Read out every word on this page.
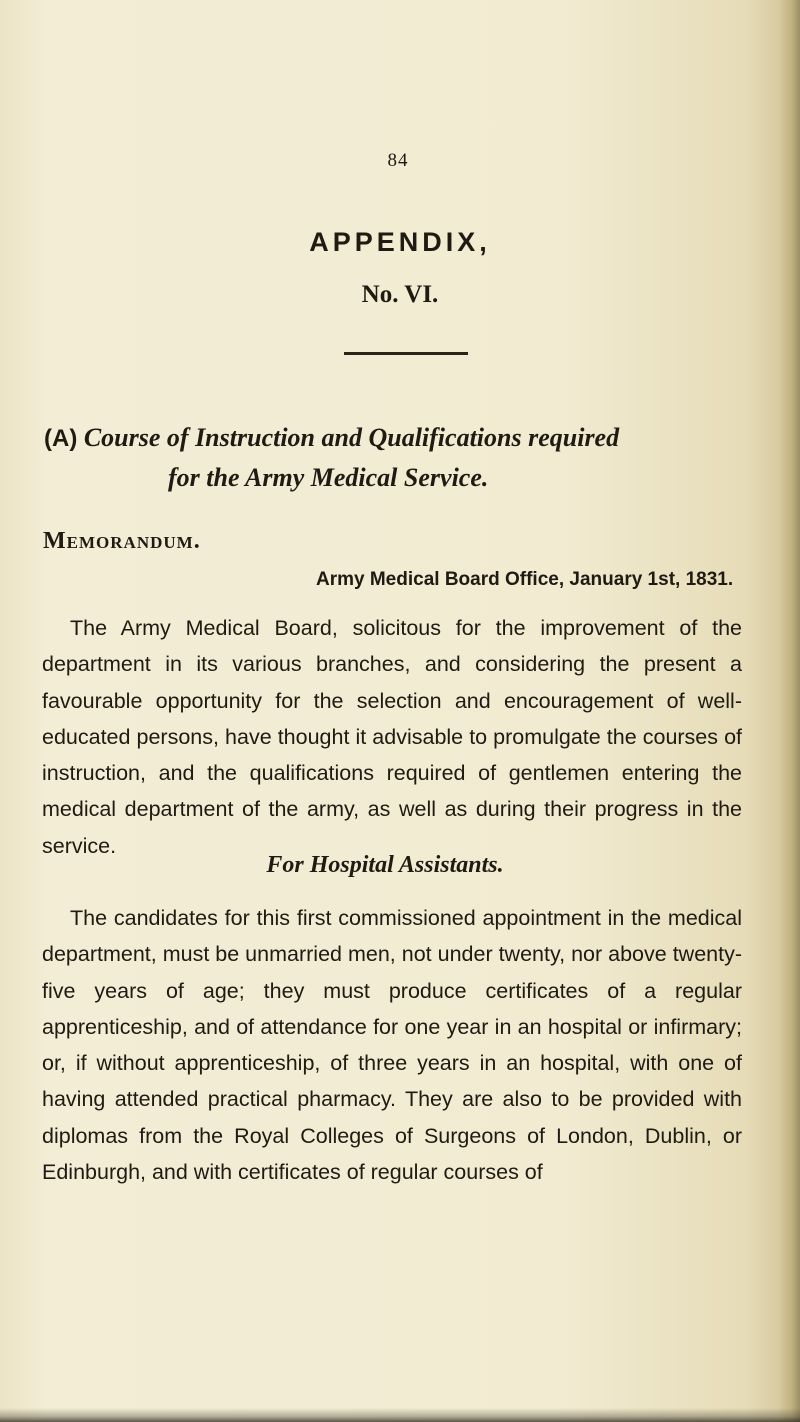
84
APPENDIX,
No. VI.
(A) Course of Instruction and Qualifications required
for the Army Medical Service.
Memorandum.
Army Medical Board Office, January 1st, 1831.
The Army Medical Board, solicitous for the improvement of the department in its various branches, and considering the present a favourable opportunity for the selection and encouragement of well-educated persons, have thought it advisable to promulgate the courses of instruction, and the qualifications required of gentlemen entering the medical department of the army, as well as during their progress in the service.
For Hospital Assistants.
The candidates for this first commissioned appointment in the medical department, must be unmarried men, not under twenty, nor above twenty-five years of age; they must produce certificates of a regular apprenticeship, and of attendance for one year in an hospital or infirmary; or, if without apprenticeship, of three years in an hospital, with one of having attended practical pharmacy. They are also to be provided with diplomas from the Royal Colleges of Surgeons of London, Dublin, or Edinburgh, and with certificates of regular courses of
